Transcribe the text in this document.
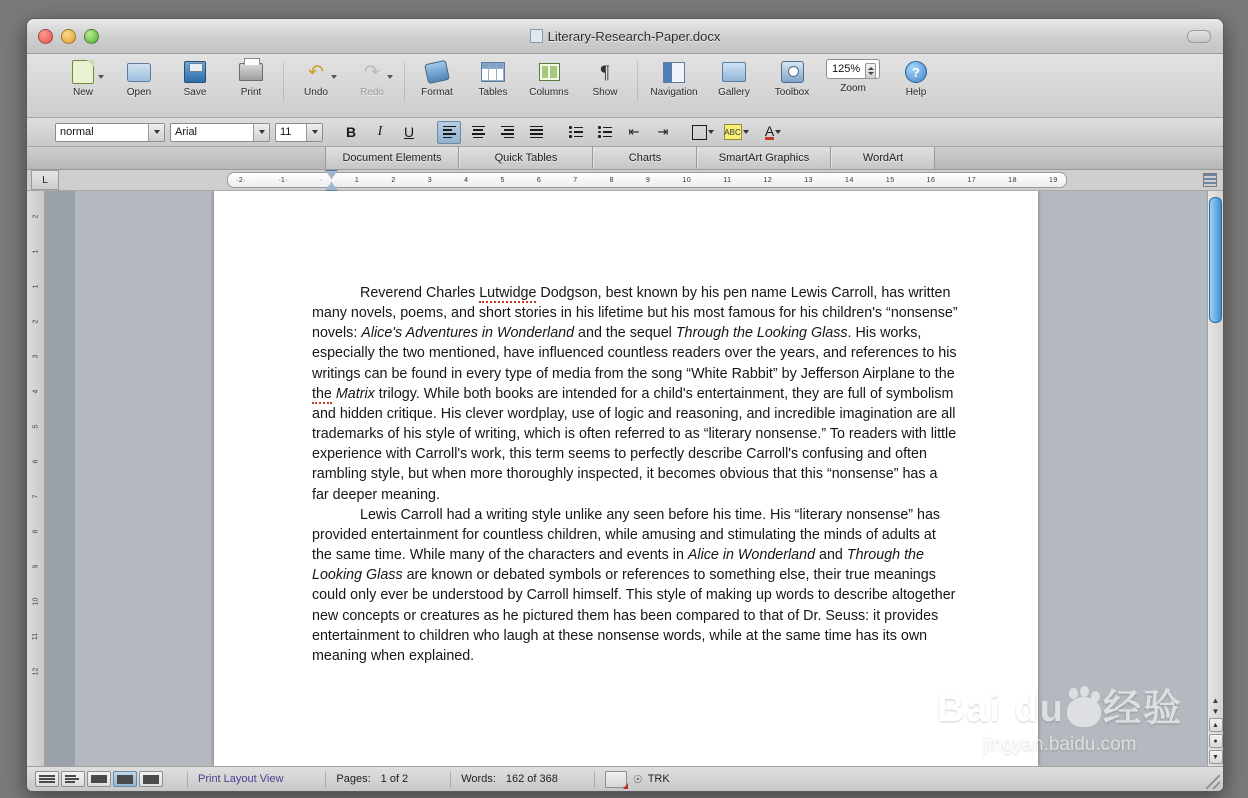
Literary-Research-Paper.docx
New	Open	Save	Print
↶
Undo
↷
Redo	Format	Tables Columns
¶
Show	Navigation Gallery Toolbox
125%
Zoom
?
Help
normal	Arial	11	B	I	U	⇤ ⇥	ABC A
Document Elements	Quick Tables	Charts	SmartArt Graphics	WordArt
L	·2·	·1·	·	1	2	3	4	5	6	7	8	9	10	11	12	13	14	15	16	17	18	19
2
1
1
2
3
4
5
6
7
8
9
10
11
12

Reverend Charles Lutwidge Dodgson, best known by his pen name Lewis Carroll, has written many novels, poems, and short stories in his lifetime but his most famous for his children's “nonsense” novels: Alice's Adventures in Wonderland and the sequel Through the Looking Glass. His works, especially the two mentioned, have influenced countless readers over the years, and references to his writings can be found in every type of media from the song “White Rabbit” by Jefferson Airplane to the the Matrix trilogy. While both books are intended for a child's entertainment, they are full of symbolism and hidden critique. His clever wordplay, use of logic and reasoning, and incredible imagination are all trademarks of his style of writing, which is often referred to as “literary nonsense.” To readers with little experience with Carroll's work, this term seems to perfectly describe Carroll's confusing and often rambling style, but when more thoroughly inspected, it becomes obvious that this “nonsense” has a far deeper meaning.

Lewis Carroll had a writing style unlike any seen before his time. His “literary nonsense” has provided entertainment for countless children, while amusing and stimulating the minds of adults at the same time. While many of the characters and events in Alice in Wonderland and Through the Looking Glass are known or debated symbols or references to something else, their true meanings could only ever be understood by Carroll himself. This style of making up words to describe altogether new concepts or creatures as he pictured them has been compared to that of Dr. Seuss: it provides entertainment to children who laugh at these nonsense words, while at the same time has its own meaning when explained.

Bai du 经验
jingyan.baidu.com
▲
▼
▲
●
▼
Print Layout View	Pages: 1 of 2	Words: 162 of 368	☉ TRK
